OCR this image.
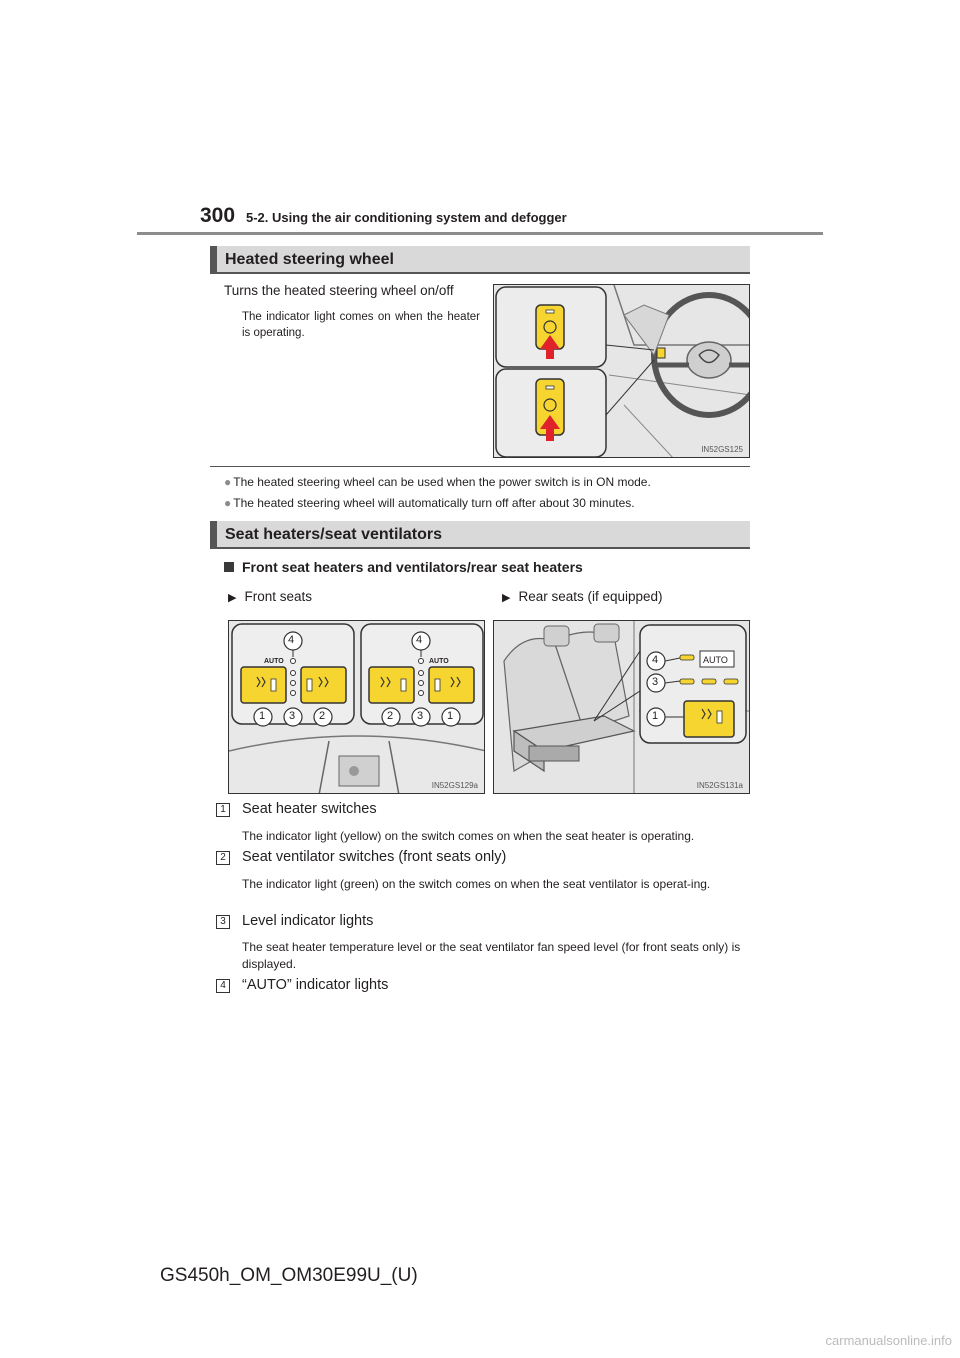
300 5-2. Using the air conditioning system and defogger
Heated steering wheel
Turns the heated steering wheel on/off
The indicator light comes on when the heater is operating.
IN52GS125
● The heated steering wheel can be used when the power switch is in ON mode.
● The heated steering wheel will automatically turn off after about 30 minutes.
Seat heaters/seat ventilators
Front seat heaters and ventilators/rear seat heaters
▶ Front seats	▶ Rear seats (if equipped)
AUTO	AUTO
4	4
1 3 2	2 3 1
IN52GS129a
AUTO
4
3
1
IN52GS131a
1 Seat heater switches
The indicator light (yellow) on the switch comes on when the seat heater is operating.
2 Seat ventilator switches (front seats only)
The indicator light (green) on the switch comes on when the seat ventilator is operat-ing.
3 Level indicator lights
The seat heater temperature level or the seat ventilator fan speed level (for front seats only) is displayed.
4 “AUTO” indicator lights
GS450h_OM_OM30E99U_(U)
carmanualsonline.info
